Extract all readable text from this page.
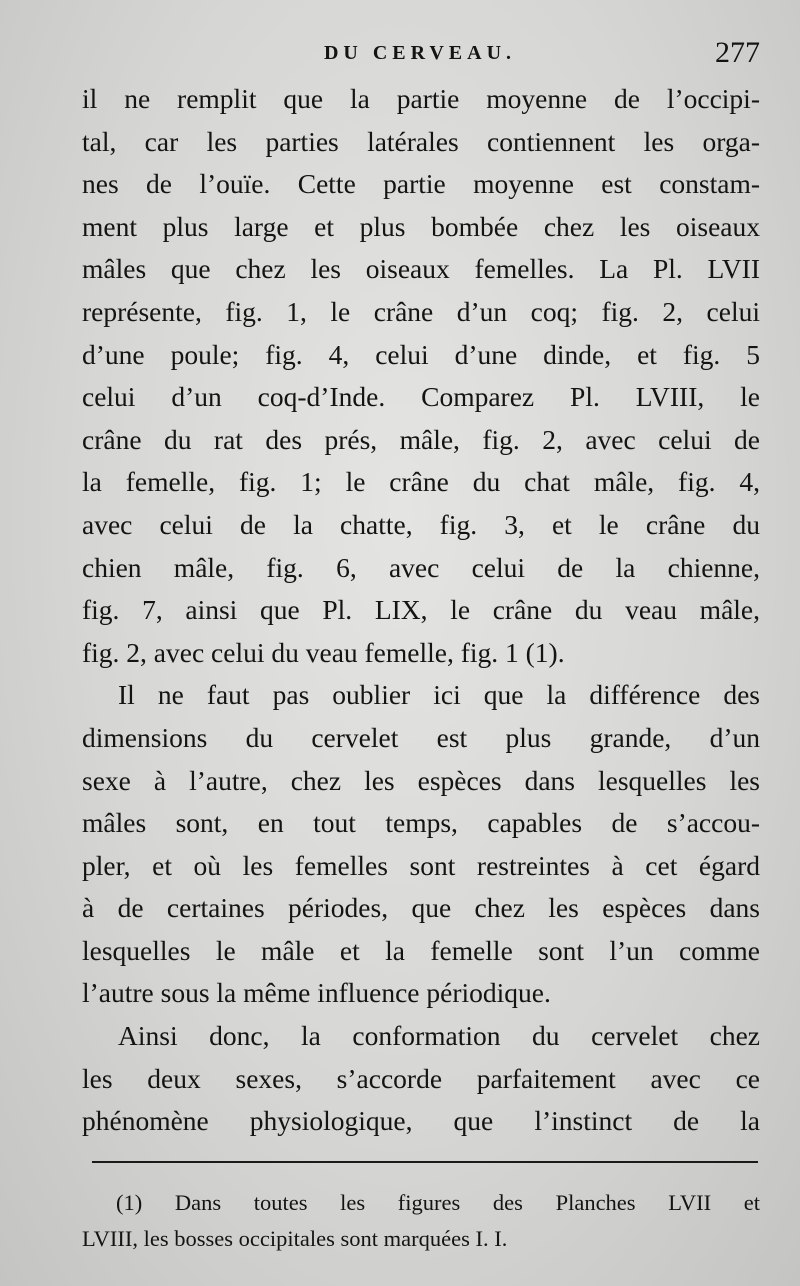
DU CERVEAU.	277
il ne remplit que la partie moyenne de l’occipi-
tal, car les parties latérales contiennent les orga-
nes de l’ouïe. Cette partie moyenne est constam-
ment plus large et plus bombée chez les oiseaux
mâles que chez les oiseaux femelles. La Pl. LVII
représente, fig. 1, le crâne d’un coq; fig. 2, celui
d’une poule; fig. 4, celui d’une dinde, et fig. 5
celui d’un coq-d’Inde. Comparez Pl. LVIII, le
crâne du rat des prés, mâle, fig. 2, avec celui de
la femelle, fig. 1; le crâne du chat mâle, fig. 4,
avec celui de la chatte, fig. 3, et le crâne du
chien mâle, fig. 6, avec celui de la chienne,
fig. 7, ainsi que Pl. LIX, le crâne du veau mâle,
fig. 2, avec celui du veau femelle, fig. 1 (1).
Il ne faut pas oublier ici que la différence des
dimensions du cervelet est plus grande, d’un
sexe à l’autre, chez les espèces dans lesquelles les
mâles sont, en tout temps, capables de s’accou-
pler, et où les femelles sont restreintes à cet égard
à de certaines périodes, que chez les espèces dans
lesquelles le mâle et la femelle sont l’un comme
l’autre sous la même influence périodique.
Ainsi donc, la conformation du cervelet chez
les deux sexes, s’accorde parfaitement avec ce
phénomène physiologique, que l’instinct de la
(1) Dans toutes les figures des Planches LVII et
LVIII, les bosses occipitales sont marquées I. I.
